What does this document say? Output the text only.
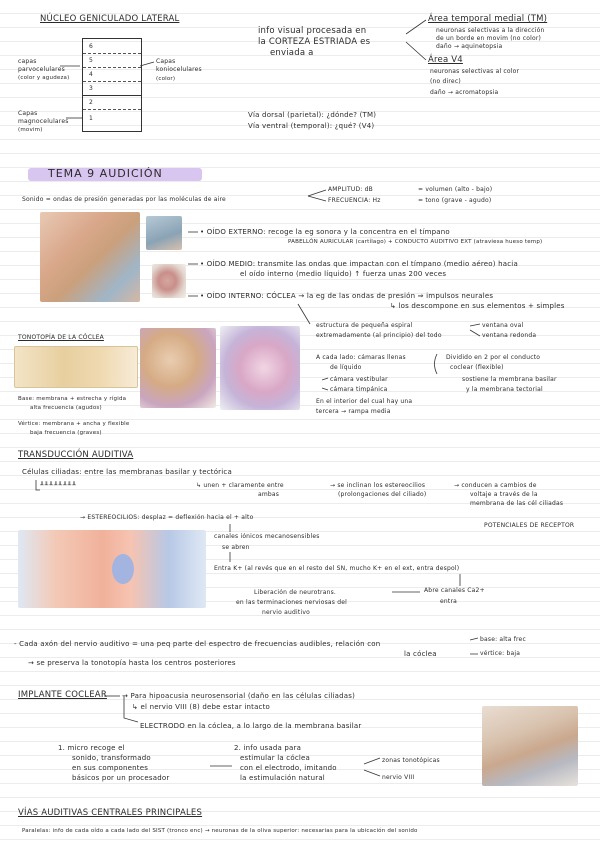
NÚCLEO GENICULADO LATERAL
6
5
4
3
2
1
capas
parvocelulares
(color y agudeza)
Capas
magnocelulares
(movim)
Capas
koniocelulares
(color)
info visual procesada en
la CORTEZA ESTRIADA es
enviada a
Área temporal medial (TM)
neuronas selectivas a la dirección
de un borde en movim (no color)
daño → aquinetopsia
Área V4
neuronas selectivas al color
(no direc)
daño → acromatopsia
Vía dorsal (parietal): ¿dónde? (TM)
Vía ventral (temporal): ¿qué? (V4)
TEMA 9 AUDICIÓN
Sonido = ondas de presión generadas por las moléculas de aire
AMPLITUD: dB	= volumen (alto - bajo)
FRECUENCIA: Hz	= tono (grave - agudo)
• OÍDO EXTERNO: recoge la eg sonora y la concentra en el tímpano
PABELLÓN AURICULAR (cartílago) + CONDUCTO AUDITIVO EXT (atraviesa hueso temp)
• OÍDO MEDIO: transmite las ondas que impactan con el tímpano (medio aéreo) hacia
el oído interno (medio líquido) ↑ fuerza unas 200 veces
• OÍDO INTERNO: CÓCLEA → la eg de las ondas de presión ⇒ impulsos neurales
↳ los descompone en sus elementos + simples
TONOTOPÍA DE LA CÓCLEA
Base: membrana + estrecha y rígida
alta frecuencia (agudos)
Vértice: membrana + ancha y flexible
baja frecuencia (graves)
estructura de pequeña espiral
extremadamente (al principio) del todo
ventana oval
ventana redonda
A cada lado: cámaras llenas
de líquido
Dividido en 2 por el conducto
coclear (flexible)
cámara vestibular
cámara timpánica
sostiene la membrana basilar
y la membrana tectorial
En el interior del cual hay una
tercera → rampa media
TRANSDUCCIÓN AUDITIVA
Células ciliadas: entre las membranas basilar y tectórica
╨╨╨╨╨╨╨╨	↳ unen + claramente entre
ambas
→ se inclinan los estereocilios
(prolongaciones del ciliado)
→ conducen a cambios de
voltaje a través de la
membrana de las cél ciliadas
POTENCIALES DE RECEPTOR
→ ESTEREOCILIOS: desplaz = deflexión hacia el + alto
canales iónicos mecanosensibles
se abren
Entra K+ (al revés que en el resto del SN, mucho K+ en el ext, entra despol)
Liberación de neurotrans.
en las terminaciones nerviosas del
nervio auditivo
Abre canales Ca2+
entra
- Cada axón del nervio auditivo = una peq parte del espectro de frecuencias audibles, relación con
la cóclea
→ se preserva la tonotopía hasta los centros posteriores
base: alta frec
vértice: baja
IMPLANTE COCLEAR → Para hipoacusia neurosensorial (daño en las células ciliadas)
↳ el nervio VIII (8) debe estar intacto
ELECTRODO en la cóclea, a lo largo de la membrana basilar
1. micro recoge el
sonido, transformado
en sus componentes
básicos por un procesador
2. info usada para
estimular la cóclea
con el electrodo, imitando
la estimulación natural
zonas tonotópicas
nervio VIII
VÍAS AUDITIVAS CENTRALES PRINCIPALES
Paralelas: info de cada oído a cada lado del SIST (tronco enc) → neuronas de la oliva superior: necesarias para la ubicación del sonido
